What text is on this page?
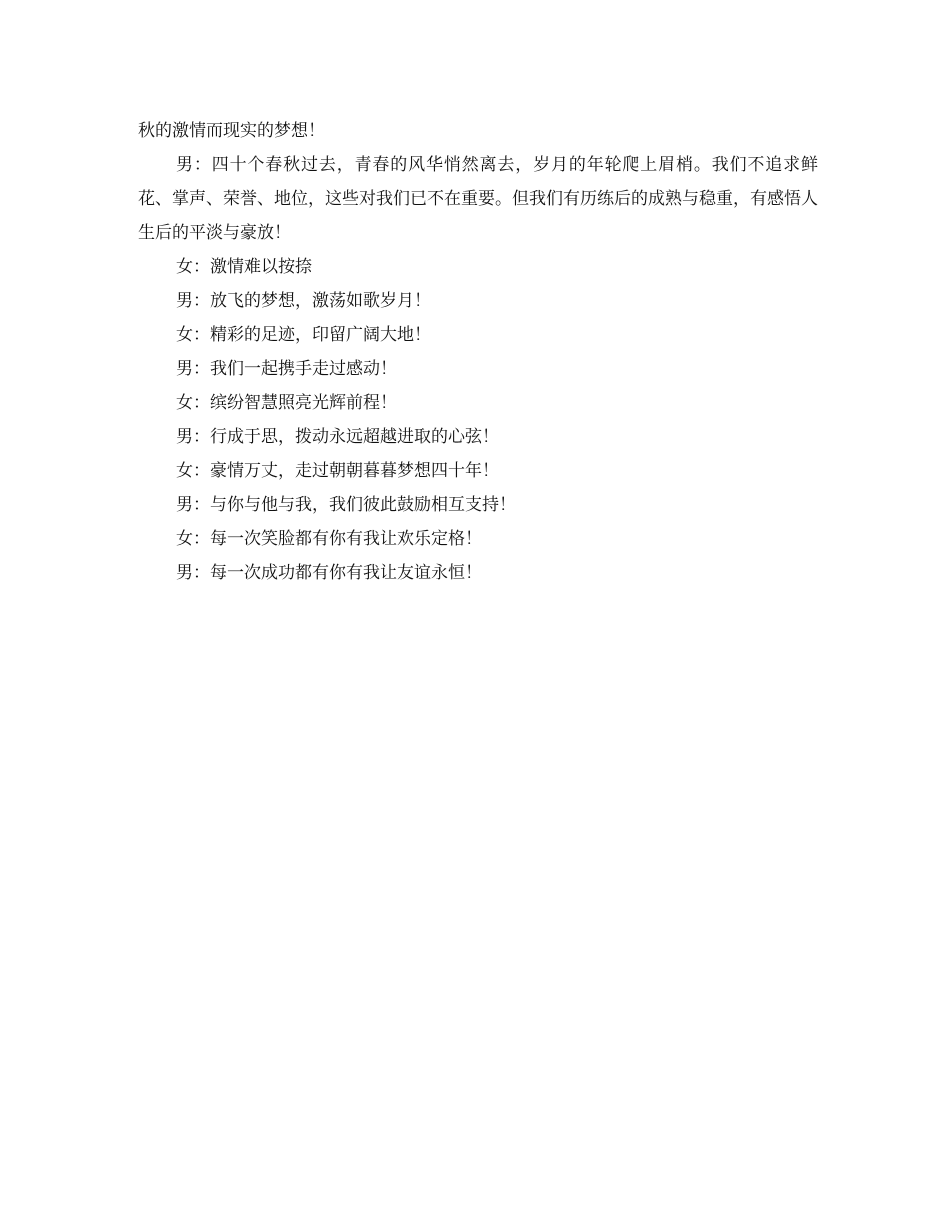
秋的激情而现实的梦想！

男：四十个春秋过去，青春的风华悄然离去，岁月的年轮爬上眉梢。我们不追求鲜花、掌声、荣誉、地位，这些对我们已不在重要。但我们有历练后的成熟与稳重，有感悟人生后的平淡与豪放！

女：激情难以按捺

男：放飞的梦想，激荡如歌岁月！

女：精彩的足迹，印留广阔大地！

男：我们一起携手走过感动！

女：缤纷智慧照亮光辉前程！

男：行成于思，拨动永远超越进取的心弦！

女：豪情万丈，走过朝朝暮暮梦想四十年！

男：与你与他与我，我们彼此鼓励相互支持！

女：每一次笑脸都有你有我让欢乐定格！

男：每一次成功都有你有我让友谊永恒！
